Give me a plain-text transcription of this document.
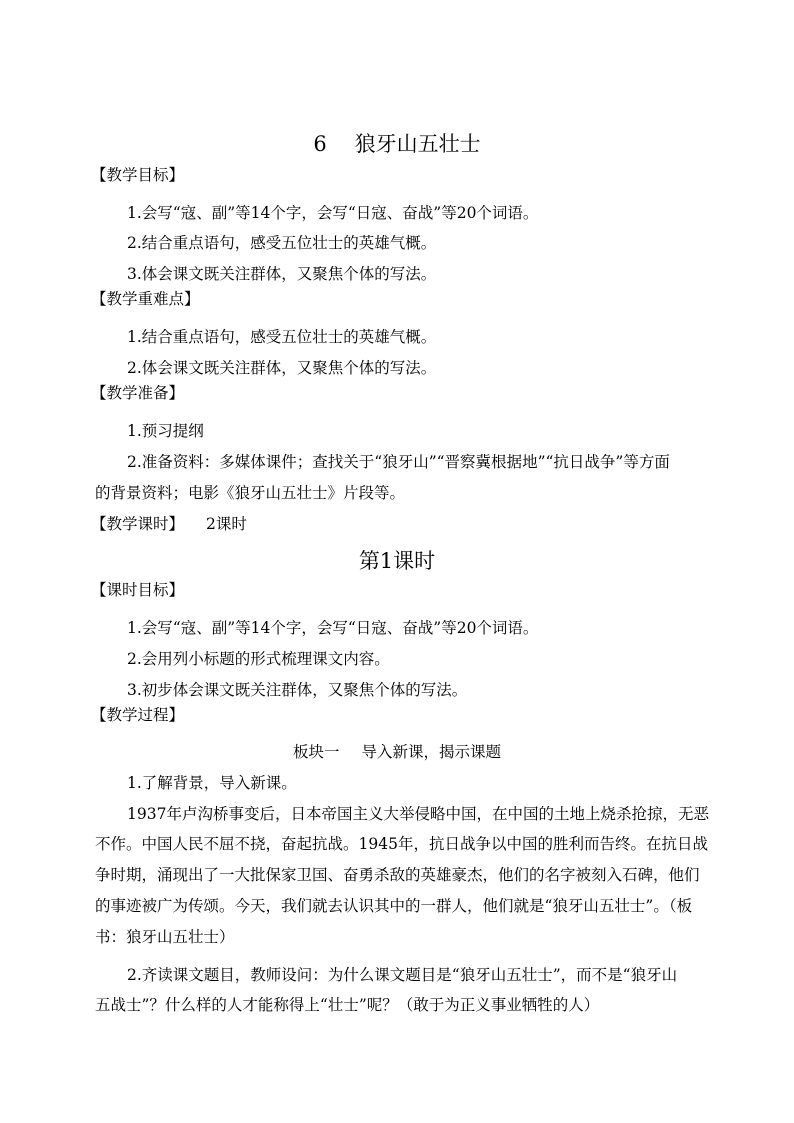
6 狼牙山五壮士
【教学目标】
1.会写“寇、副”等14个字，会写“日寇、奋战”等20个词语。
2.结合重点语句，感受五位壮士的英雄气概。
3.体会课文既关注群体，又聚焦个体的写法。
【教学重难点】
1.结合重点语句，感受五位壮士的英雄气概。
2.体会课文既关注群体，又聚焦个体的写法。
【教学准备】
1.预习提纲
2.准备资料：多媒体课件；查找关于“狼牙山”“晋察冀根据地”“抗日战争”等方面
的背景资料；电影《狼牙山五壮士》片段等。
【教学课时】 2课时
第1课时
【课时目标】
1.会写“寇、副”等14个字，会写“日寇、奋战”等20个词语。
2.会用列小标题的形式梳理课文内容。
3.初步体会课文既关注群体，又聚焦个体的写法。
【教学过程】
板块一 导入新课，揭示课题
1.了解背景，导入新课。
1937年卢沟桥事变后，日本帝国主义大举侵略中国，在中国的土地上烧杀抢掠，无恶
不作。中国人民不屈不挠，奋起抗战。1945年，抗日战争以中国的胜利而告终。在抗日战
争时期，涌现出了一大批保家卫国、奋勇杀敌的英雄豪杰，他们的名字被刻入石碑，他们
的事迹被广为传颂。今天，我们就去认识其中的一群人，他们就是“狼牙山五壮士”。（板
书：狼牙山五壮士）
2.齐读课文题目，教师设问：为什么课文题目是“狼牙山五壮士”，而不是“狼牙山
五战士”？什么样的人才能称得上“壮士”呢？（敢于为正义事业牺牲的人）
